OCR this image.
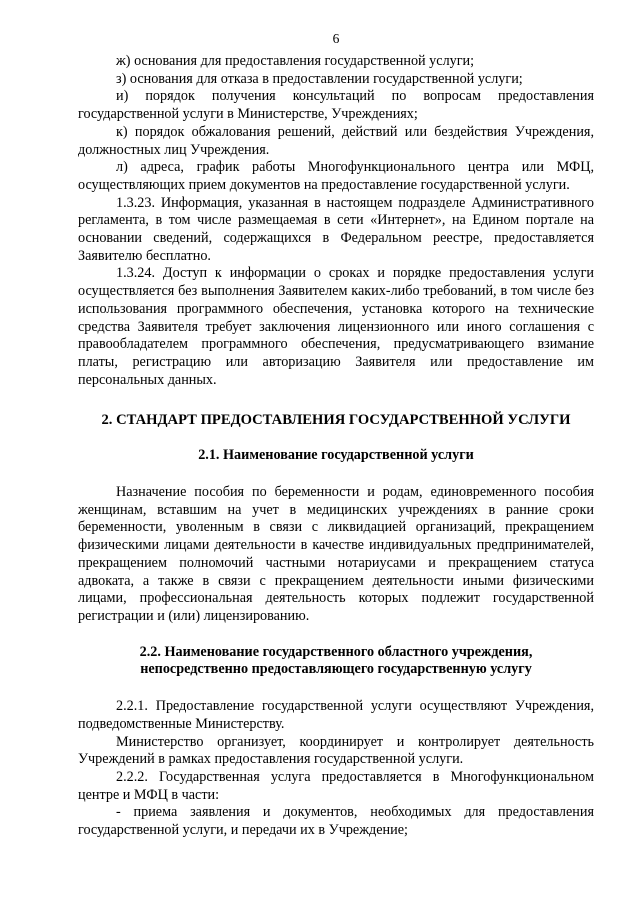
6

ж) основания для предоставления государственной услуги;

з) основания для отказа в предоставлении государственной услуги;

и) порядок получения консультаций по вопросам предоставления государственной услуги в Министерстве, Учреждениях;

к) порядок обжалования решений, действий или бездействия Учреждения, должностных лиц Учреждения.

л) адреса, график работы Многофункционального центра или МФЦ, осуществляющих прием документов на предоставление государственной услуги.

1.3.23. Информация, указанная в настоящем подразделе Административного регламента, в том числе размещаемая в сети «Интернет», на Едином портале на основании сведений, содержащихся в Федеральном реестре, предоставляется Заявителю бесплатно.

1.3.24. Доступ к информации о сроках и порядке предоставления услуги осуществляется без выполнения Заявителем каких-либо требований, в том числе без использования программного обеспечения, установка которого на технические средства Заявителя требует заключения лицензионного или иного соглашения с правообладателем программного обеспечения, предусматривающего взимание платы, регистрацию или авторизацию Заявителя или предоставление им персональных данных.

2. СТАНДАРТ ПРЕДОСТАВЛЕНИЯ ГОСУДАРСТВЕННОЙ УСЛУГИ
2.1. Наименование государственной услуги

Назначение пособия по беременности и родам, единовременного пособия женщинам, вставшим на учет в медицинских учреждениях в ранние сроки беременности, уволенным в связи с ликвидацией организаций, прекращением физическими лицами деятельности в качестве индивидуальных предпринимателей, прекращением полномочий частными нотариусами и прекращением статуса адвоката, а также в связи с прекращением деятельности иными физическими лицами, профессиональная деятельность которых подлежит государственной регистрации и (или) лицензированию.

2.2. Наименование государственного областного учреждения,
непосредственно предоставляющего государственную услугу

2.2.1. Предоставление государственной услуги осуществляют Учреждения, подведомственные Министерству.

Министерство организует, координирует и контролирует деятельность Учреждений в рамках предоставления государственной услуги.

2.2.2. Государственная услуга предоставляется в Многофункциональном центре и МФЦ в части:

- приема заявления и документов, необходимых для предоставления государственной услуги, и передачи их в Учреждение;
